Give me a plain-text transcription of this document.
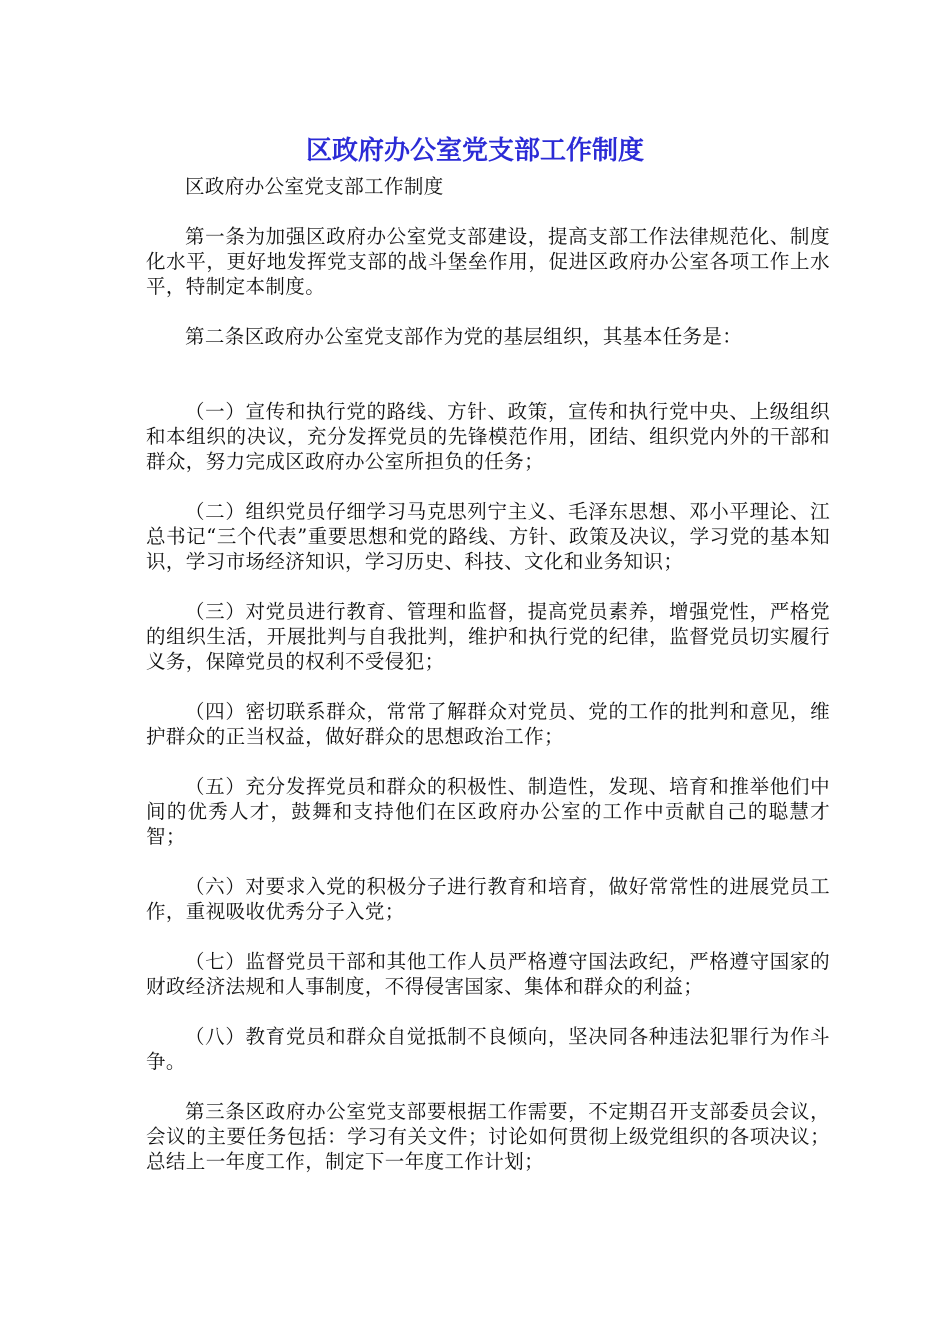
区政府办公室党支部工作制度

区政府办公室党支部工作制度

第一条为加强区政府办公室党支部建设，提高支部工作法律规范化、制度化水平，更好地发挥党支部的战斗堡垒作用，促进区政府办公室各项工作上水平，特制定本制度。

第二条区政府办公室党支部作为党的基层组织，其基本任务是：

（一）宣传和执行党的路线、方针、政策，宣传和执行党中央、上级组织和本组织的决议，充分发挥党员的先锋模范作用，团结、组织党内外的干部和群众，努力完成区政府办公室所担负的任务；

（二）组织党员仔细学习马克思列宁主义、毛泽东思想、邓小平理论、江总书记“三个代表”重要思想和党的路线、方针、政策及决议，学习党的基本知识，学习市场经济知识，学习历史、科技、文化和业务知识；

（三）对党员进行教育、管理和监督，提高党员素养，增强党性，严格党的组织生活，开展批判与自我批判，维护和执行党的纪律，监督党员切实履行义务，保障党员的权利不受侵犯；

（四）密切联系群众，常常了解群众对党员、党的工作的批判和意见，维护群众的正当权益，做好群众的思想政治工作；

（五）充分发挥党员和群众的积极性、制造性，发现、培育和推举他们中间的优秀人才，鼓舞和支持他们在区政府办公室的工作中贡献自己的聪慧才智；

（六）对要求入党的积极分子进行教育和培育，做好常常性的进展党员工作，重视吸收优秀分子入党；

（七）监督党员干部和其他工作人员严格遵守国法政纪，严格遵守国家的财政经济法规和人事制度，不得侵害国家、集体和群众的利益；

（八）教育党员和群众自觉抵制不良倾向，坚决同各种违法犯罪行为作斗争。

第三条区政府办公室党支部要根据工作需要，不定期召开支部委员会议，会议的主要任务包括：学习有关文件；讨论如何贯彻上级党组织的各项决议；总结上一年度工作，制定下一年度工作计划；
